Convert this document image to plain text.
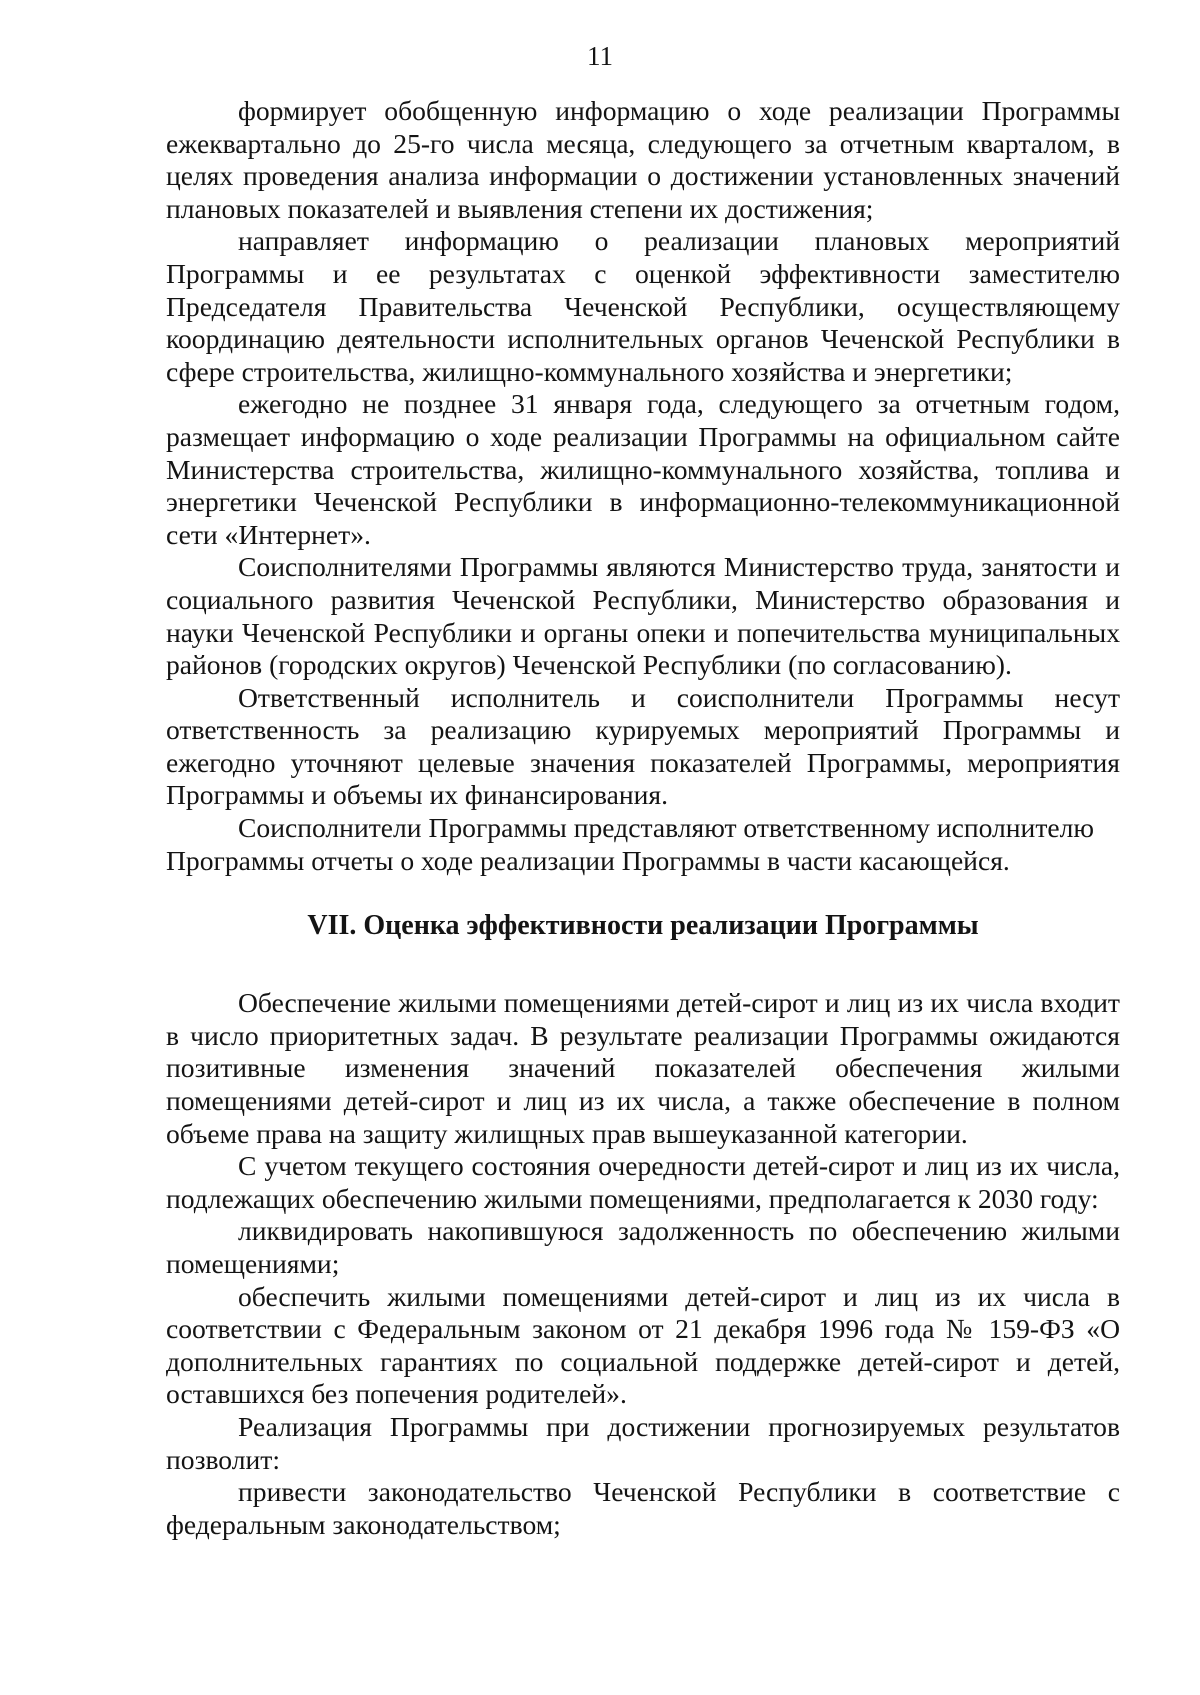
11

формирует обобщенную информацию о ходе реализации Программы ежеквартально до 25-го числа месяца, следующего за отчетным кварталом, в целях проведения анализа информации о достижении установленных значений плановых показателей и выявления степени их достижения;

направляет информацию о реализации плановых мероприятий Программы и ее результатах с оценкой эффективности заместителю Председателя Правительства Чеченской Республики, осуществляющему координацию деятельности исполнительных органов Чеченской Республики в сфере строительства, жилищно-коммунального хозяйства и энергетики;

ежегодно не позднее 31 января года, следующего за отчетным годом, размещает информацию о ходе реализации Программы на официальном сайте Министерства строительства, жилищно-коммунального хозяйства, топлива и энергетики Чеченской Республики в информационно-телекоммуникационной сети «Интернет».

Соисполнителями Программы являются Министерство труда, занятости и социального развития Чеченской Республики, Министерство образования и науки Чеченской Республики и органы опеки и попечительства муниципальных районов (городских округов) Чеченской Республики (по согласованию).

Ответственный исполнитель и соисполнители Программы несут ответственность за реализацию курируемых мероприятий Программы и ежегодно уточняют целевые значения показателей Программы, мероприятия Программы и объемы их финансирования.

Соисполнители Программы представляют ответственному исполнителю Программы отчеты о ходе реализации Программы в части касающейся.

VII. Оценка эффективности реализации Программы

Обеспечение жилыми помещениями детей-сирот и лиц из их числа входит в число приоритетных задач. В результате реализации Программы ожидаются позитивные изменения значений показателей обеспечения жилыми помещениями детей-сирот и лиц из их числа, а также обеспечение в полном объеме права на защиту жилищных прав вышеуказанной категории.

С учетом текущего состояния очередности детей-сирот и лиц из их числа, подлежащих обеспечению жилыми помещениями, предполагается к 2030 году:

ликвидировать накопившуюся задолженность по обеспечению жилыми помещениями;

обеспечить жилыми помещениями детей-сирот и лиц из их числа в соответствии с Федеральным законом от 21 декабря 1996 года № 159-ФЗ «О дополнительных гарантиях по социальной поддержке детей-сирот и детей, оставшихся без попечения родителей».

Реализация Программы при достижении прогнозируемых результатов позволит:

привести законодательство Чеченской Республики в соответствие с федеральным законодательством;
